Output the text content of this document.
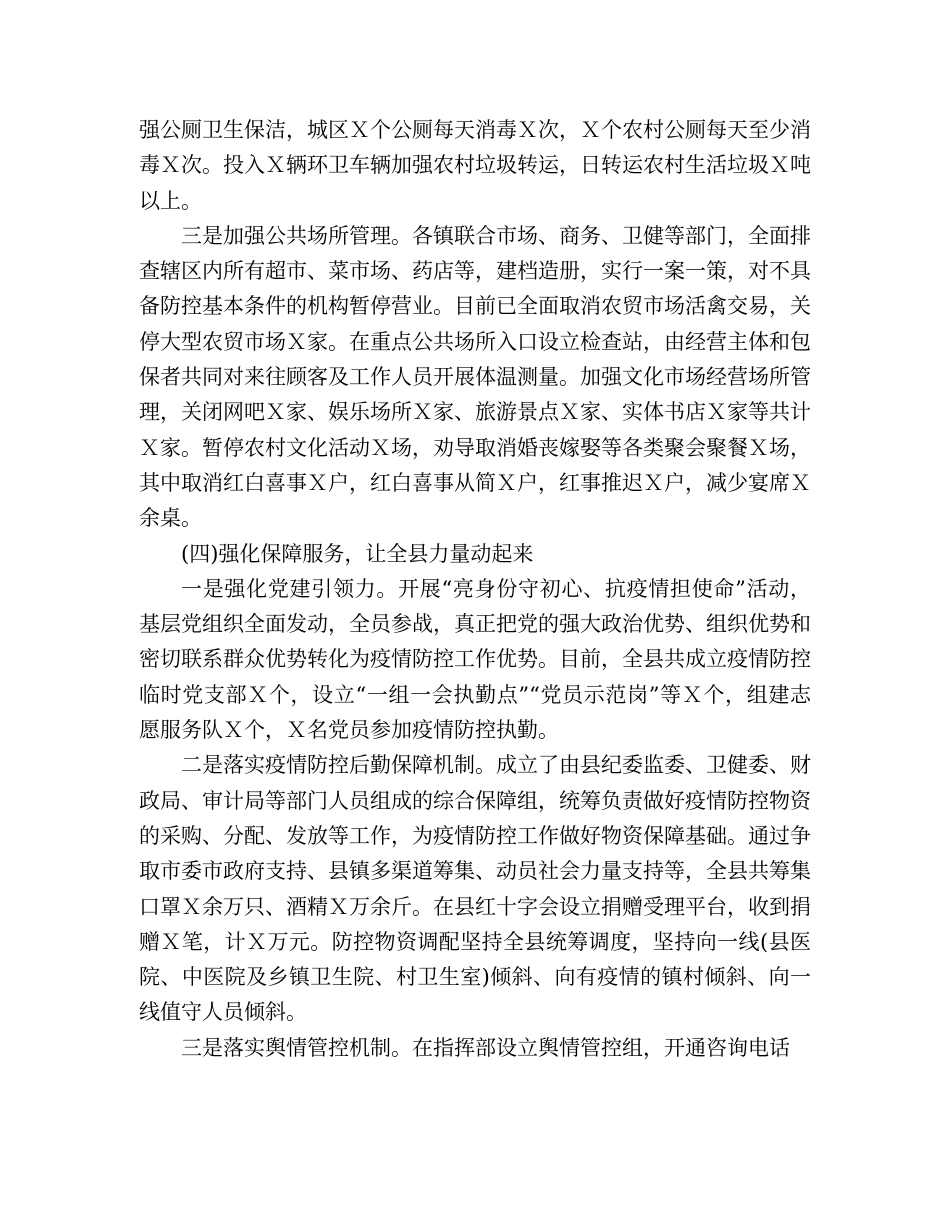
强公厕卫生保洁，城区Ｘ个公厕每天消毒Ｘ次，Ｘ个农村公厕每天至少消毒Ｘ次。投入Ｘ辆环卫车辆加强农村垃圾转运，日转运农村生活垃圾Ｘ吨以上。

三是加强公共场所管理。各镇联合市场、商务、卫健等部门，全面排查辖区内所有超市、菜市场、药店等，建档造册，实行一案一策，对不具备防控基本条件的机构暂停营业。目前已全面取消农贸市场活禽交易，关停大型农贸市场Ｘ家。在重点公共场所入口设立检查站，由经营主体和包保者共同对来往顾客及工作人员开展体温测量。加强文化市场经营场所管理，关闭网吧Ｘ家、娱乐场所Ｘ家、旅游景点Ｘ家、实体书店Ｘ家等共计Ｘ家。暂停农村文化活动Ｘ场，劝导取消婚丧嫁娶等各类聚会聚餐Ｘ场，其中取消红白喜事Ｘ户，红白喜事从简Ｘ户，红事推迟Ｘ户，减少宴席Ｘ余桌。

(四)强化保障服务，让全县力量动起来

一是强化党建引领力。开展“亮身份守初心、抗疫情担使命”活动，基层党组织全面发动，全员参战，真正把党的强大政治优势、组织优势和密切联系群众优势转化为疫情防控工作优势。目前，全县共成立疫情防控临时党支部Ｘ个，设立“一组一会执勤点”“党员示范岗”等Ｘ个，组建志愿服务队Ｘ个，Ｘ名党员参加疫情防控执勤。

二是落实疫情防控后勤保障机制。成立了由县纪委监委、卫健委、财政局、审计局等部门人员组成的综合保障组，统筹负责做好疫情防控物资的采购、分配、发放等工作，为疫情防控工作做好物资保障基础。通过争取市委市政府支持、县镇多渠道筹集、动员社会力量支持等，全县共筹集口罩Ｘ余万只、酒精Ｘ万余斤。在县红十字会设立捐赠受理平台，收到捐赠Ｘ笔，计Ｘ万元。防控物资调配坚持全县统筹调度，坚持向一线(县医院、中医院及乡镇卫生院、村卫生室)倾斜、向有疫情的镇村倾斜、向一线值守人员倾斜。

三是落实舆情管控机制。在指挥部设立舆情管控组，开通咨询电话
